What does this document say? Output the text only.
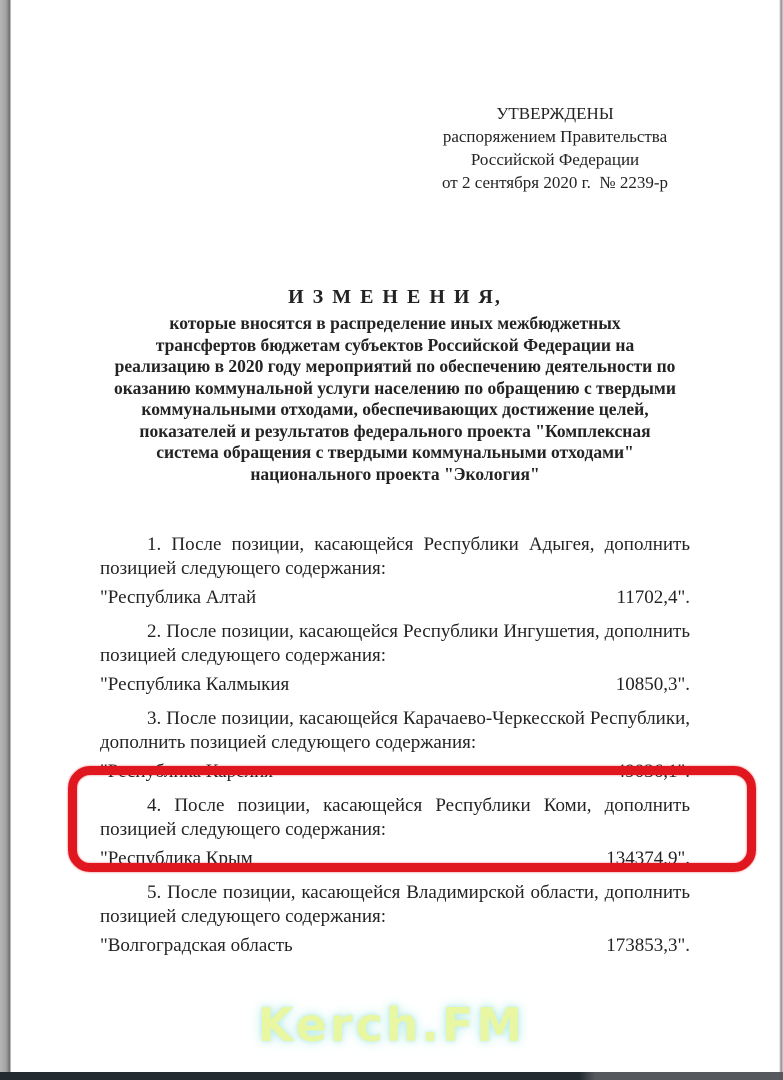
УТВЕРЖДЕНЫ
распоряжением Правительства
Российской Федерации
от 2 сентября 2020 г.  № 2239-р
И З М Е Н Е Н И Я,
которые вносятся в распределение иных межбюджетных
трансфертов бюджетам субъектов Российской Федерации на
реализацию в 2020 году мероприятий по обеспечению деятельности по
оказанию коммунальной услуги населению по обращению с твердыми
коммунальными отходами, обеспечивающих достижение целей,
показателей и результатов федерального проекта "Комплексная
система обращения с твердыми коммунальными отходами"
национального проекта "Экология"

1. После позиции, касающейся Республики Адыгея, дополнить позицией следующего содержания:

"Республика Алтай	11702,4".

2. После позиции, касающейся Республики Ингушетия, дополнить позицией следующего содержания:

"Республика Калмыкия	10850,3".

3. После позиции, касающейся Карачаево-Черкесской Республики, дополнить позицией следующего содержания:

"Республика Карелия	49036,1".

4. После позиции, касающейся Республики Коми, дополнить позицией следующего содержания:

"Республика Крым	134374,9".

5. После позиции, касающейся Владимирской области, дополнить позицией следующего содержания:

"Волгоградская область	173853,3".
Kerch.FM
